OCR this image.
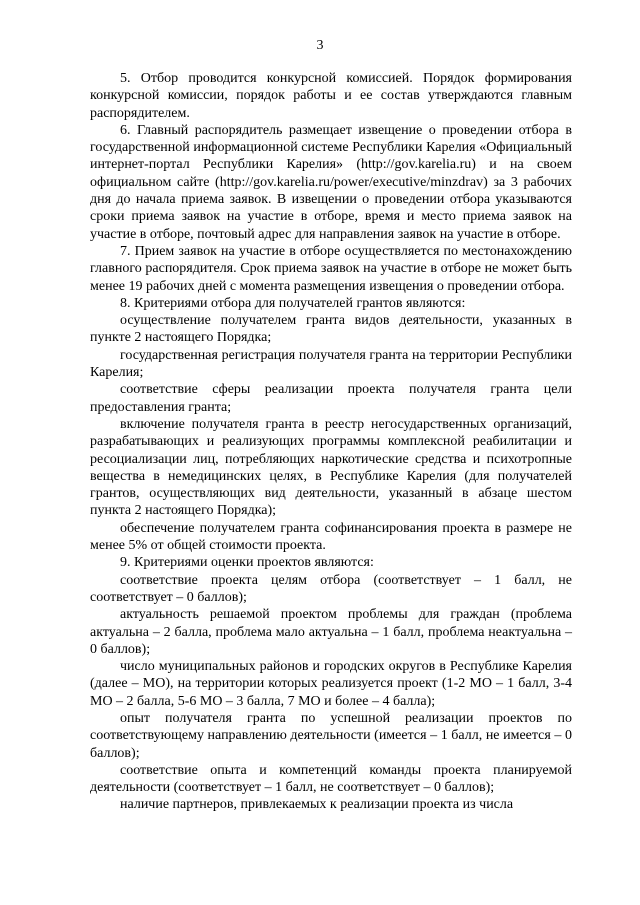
3

5. Отбор проводится конкурсной комиссией. Порядок формирования конкурсной комиссии, порядок работы и ее состав утверждаются главным распорядителем.

6. Главный распорядитель размещает извещение о проведении отбора в государственной информационной системе Республики Карелия «Официальный интернет-портал Республики Карелия» (http://gov.karelia.ru) и на своем официальном сайте (http://gov.karelia.ru/power/executive/minzdrav) за 3 рабочих дня до начала приема заявок. В извещении о проведении отбора указываются сроки приема заявок на участие в отборе, время и место приема заявок на участие в отборе, почтовый адрес для направления заявок на участие в отборе.

7. Прием заявок на участие в отборе осуществляется по местонахождению главного распорядителя. Срок приема заявок на участие в отборе не может быть менее 19 рабочих дней с момента размещения извещения о проведении отбора.

8. Критериями отбора для получателей грантов являются:

осуществление получателем гранта видов деятельности, указанных в пункте 2 настоящего Порядка;

государственная регистрация получателя гранта на территории Республики Карелия;

соответствие сферы реализации проекта получателя гранта цели предоставления гранта;

включение получателя гранта в реестр негосударственных организаций, разрабатывающих и реализующих программы комплексной реабилитации и ресоциализации лиц, потребляющих наркотические средства и психотропные вещества в немедицинских целях, в Республике Карелия (для получателей грантов, осуществляющих вид деятельности, указанный в абзаце шестом пункта 2 настоящего Порядка);

обеспечение получателем гранта софинансирования проекта в размере не менее 5% от общей стоимости проекта.

9. Критериями оценки проектов являются:

соответствие проекта целям отбора (соответствует – 1 балл, не соответствует – 0 баллов);

актуальность решаемой проектом проблемы для граждан (проблема актуальна – 2 балла, проблема мало актуальна – 1 балл, проблема неактуальна – 0 баллов);

число муниципальных районов и городских округов в Республике Карелия (далее – МО), на территории которых реализуется проект (1-2 МО – 1 балл, 3-4 МО – 2 балла, 5-6 МО – 3 балла, 7 МО и более – 4 балла);

опыт получателя гранта по успешной реализации проектов по соответствующему направлению деятельности (имеется – 1 балл, не имеется – 0 баллов);

соответствие опыта и компетенций команды проекта планируемой деятельности (соответствует – 1 балл, не соответствует – 0 баллов);

наличие партнеров, привлекаемых к реализации проекта из числа
